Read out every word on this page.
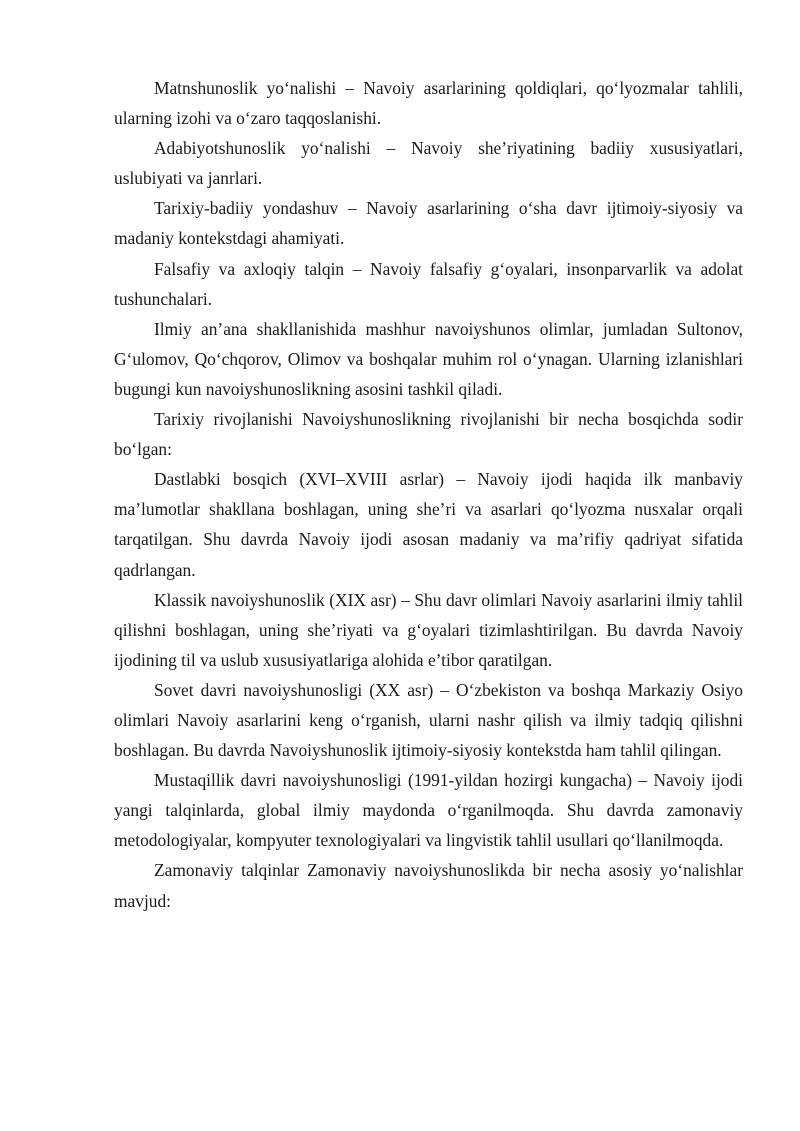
Matnshunoslik yo‘nalishi – Navoiy asarlarining qoldiqlari, qo‘lyozmalar tahlili, ularning izohi va o‘zaro taqqoslanishi.

Adabiyotshunoslik yo‘nalishi – Navoiy she’riyatining badiiy xususiyatlari, uslubiyati va janrlari.

Tarixiy-badiiy yondashuv – Navoiy asarlarining o‘sha davr ijtimoiy-siyosiy va madaniy kontekstdagi ahamiyati.

Falsafiy va axloqiy talqin – Navoiy falsafiy g‘oyalari, insonparvarlik va adolat tushunchalari.

Ilmiy an’ana shakllanishida mashhur navoiyshunos olimlar, jumladan Sultonov, G‘ulomov, Qo‘chqorov, Olimov va boshqalar muhim rol o‘ynagan. Ularning izlanishlari bugungi kun navoiyshunoslikning asosini tashkil qiladi.

Tarixiy rivojlanishi Navoiyshunoslikning rivojlanishi bir necha bosqichda sodir bo‘lgan:

Dastlabki bosqich (XVI–XVIII asrlar) – Navoiy ijodi haqida ilk manbaviy ma’lumotlar shakllana boshlagan, uning she’ri va asarlari qo‘lyozma nusxalar orqali tarqatilgan. Shu davrda Navoiy ijodi asosan madaniy va ma’rifiy qadriyat sifatida qadrlangan.

Klassik navoiyshunoslik (XIX asr) – Shu davr olimlari Navoiy asarlarini ilmiy tahlil qilishni boshlagan, uning she’riyati va g‘oyalari tizimlashtirilgan. Bu davrda Navoiy ijodining til va uslub xususiyatlariga alohida e’tibor qaratilgan.

Sovet davri navoiyshunosligi (XX asr) – O‘zbekiston va boshqa Markaziy Osiyo olimlari Navoiy asarlarini keng o‘rganish, ularni nashr qilish va ilmiy tadqiq qilishni boshlagan. Bu davrda Navoiyshunoslik ijtimoiy-siyosiy kontekstda ham tahlil qilingan.

Mustaqillik davri navoiyshunosligi (1991-yildan hozirgi kungacha) – Navoiy ijodi yangi talqinlarda, global ilmiy maydonda o‘rganilmoqda. Shu davrda zamonaviy metodologiyalar, kompyuter texnologiyalari va lingvistik tahlil usullari qo‘llanilmoqda.

Zamonaviy talqinlar Zamonaviy navoiyshunoslikda bir necha asosiy yo‘nalishlar mavjud:
